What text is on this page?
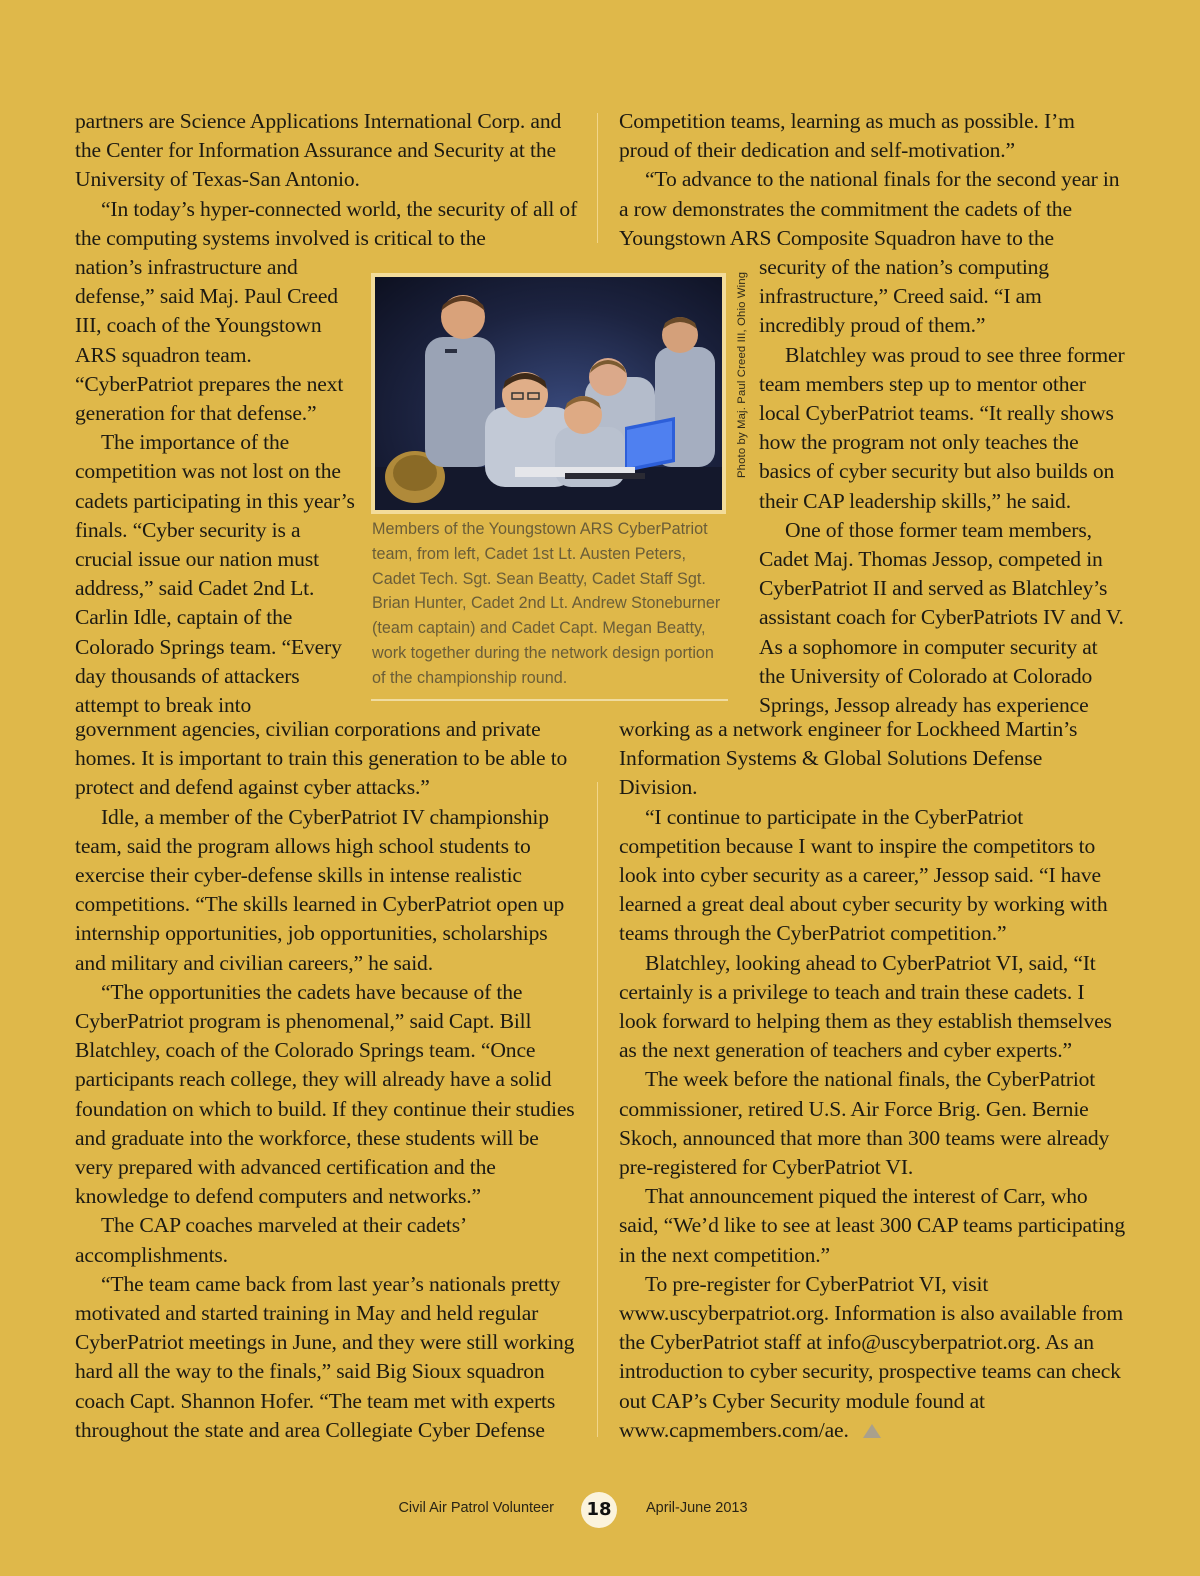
partners are Science Applications International Corp. and the Center for Information Assurance and Security at the University of Texas-San Antonio.

“In today’s hyper-connected world, the security of all of the computing systems involved is critical to the

nation’s infrastructure and defense,” said Maj. Paul Creed III, coach of the Youngstown ARS squadron team. “CyberPatriot prepares the next generation for that defense.”

The importance of the competition was not lost on the cadets participating in this year’s finals. “Cyber security is a crucial issue our nation must address,” said Cadet 2nd Lt. Carlin Idle, captain of the Colorado Springs team. “Every day thousands of attackers attempt to break into

government agencies, civilian corporations and private homes. It is important to train this generation to be able to protect and defend against cyber attacks.”

Idle, a member of the CyberPatriot IV championship team, said the program allows high school students to exercise their cyber-defense skills in intense realistic competitions. “The skills learned in CyberPatriot open up internship opportunities, job opportunities, scholarships and military and civilian careers,” he said.

“The opportunities the cadets have because of the CyberPatriot program is phenomenal,” said Capt. Bill Blatchley, coach of the Colorado Springs team. “Once participants reach college, they will already have a solid foundation on which to build. If they continue their studies and graduate into the workforce, these students will be very prepared with advanced certification and the knowledge to defend computers and networks.”

The CAP coaches marveled at their cadets’ accomplishments.

“The team came back from last year’s nationals pretty motivated and started training in May and held regular CyberPatriot meetings in June, and they were still working hard all the way to the finals,” said Big Sioux squadron coach Capt. Shannon Hofer. “The team met with experts throughout the state and area Collegiate Cyber Defense

Competition teams, learning as much as possible. I’m proud of their dedication and self-motivation.”

“To advance to the national finals for the second year in a row demonstrates the commitment the cadets of the Youngstown ARS Composite Squadron have to the

security of the nation’s computing infrastructure,” Creed said. “I am incredibly proud of them.”

Blatchley was proud to see three former team members step up to mentor other local CyberPatriot teams. “It really shows how the program not only teaches the basics of cyber security but also builds on their CAP leadership skills,” he said.

One of those former team members, Cadet Maj. Thomas Jessop, competed in CyberPatriot II and served as Blatchley’s assistant coach for CyberPatriots IV and V. As a sophomore in computer security at the University of Colorado at Colorado Springs, Jessop already has experience

working as a network engineer for Lockheed Martin’s Information Systems & Global Solutions Defense Division.

“I continue to participate in the CyberPatriot competition because I want to inspire the competitors to look into cyber security as a career,” Jessop said. “I have learned a great deal about cyber security by working with teams through the CyberPatriot competition.”

Blatchley, looking ahead to CyberPatriot VI, said, “It certainly is a privilege to teach and train these cadets. I look forward to helping them as they establish themselves as the next generation of teachers and cyber experts.”

The week before the national finals, the CyberPatriot commissioner, retired U.S. Air Force Brig. Gen. Bernie Skoch, announced that more than 300 teams were already pre-registered for CyberPatriot VI.

That announcement piqued the interest of Carr, who said, “We’d like to see at least 300 CAP teams participating in the next competition.”

To pre-register for CyberPatriot VI, visit www.uscyberpatriot.org. Information is also available from the CyberPatriot staff at info@uscyberpatriot.org. As an introduction to cyber security, prospective teams can check out CAP’s Cyber Security module found at www.capmembers.com/ae.

Photo by Maj. Paul Creed III, Ohio Wing
Members of the Youngstown ARS CyberPatriot team, from left, Cadet 1st Lt. Austen Peters, Cadet Tech. Sgt. Sean Beatty, Cadet Staff Sgt. Brian Hunter, Cadet 2nd Lt. Andrew Stoneburner (team captain) and Cadet Capt. Megan Beatty, work together during the network design portion of the championship round.
Civil Air Patrol Volunteer	18	April-June 2013
